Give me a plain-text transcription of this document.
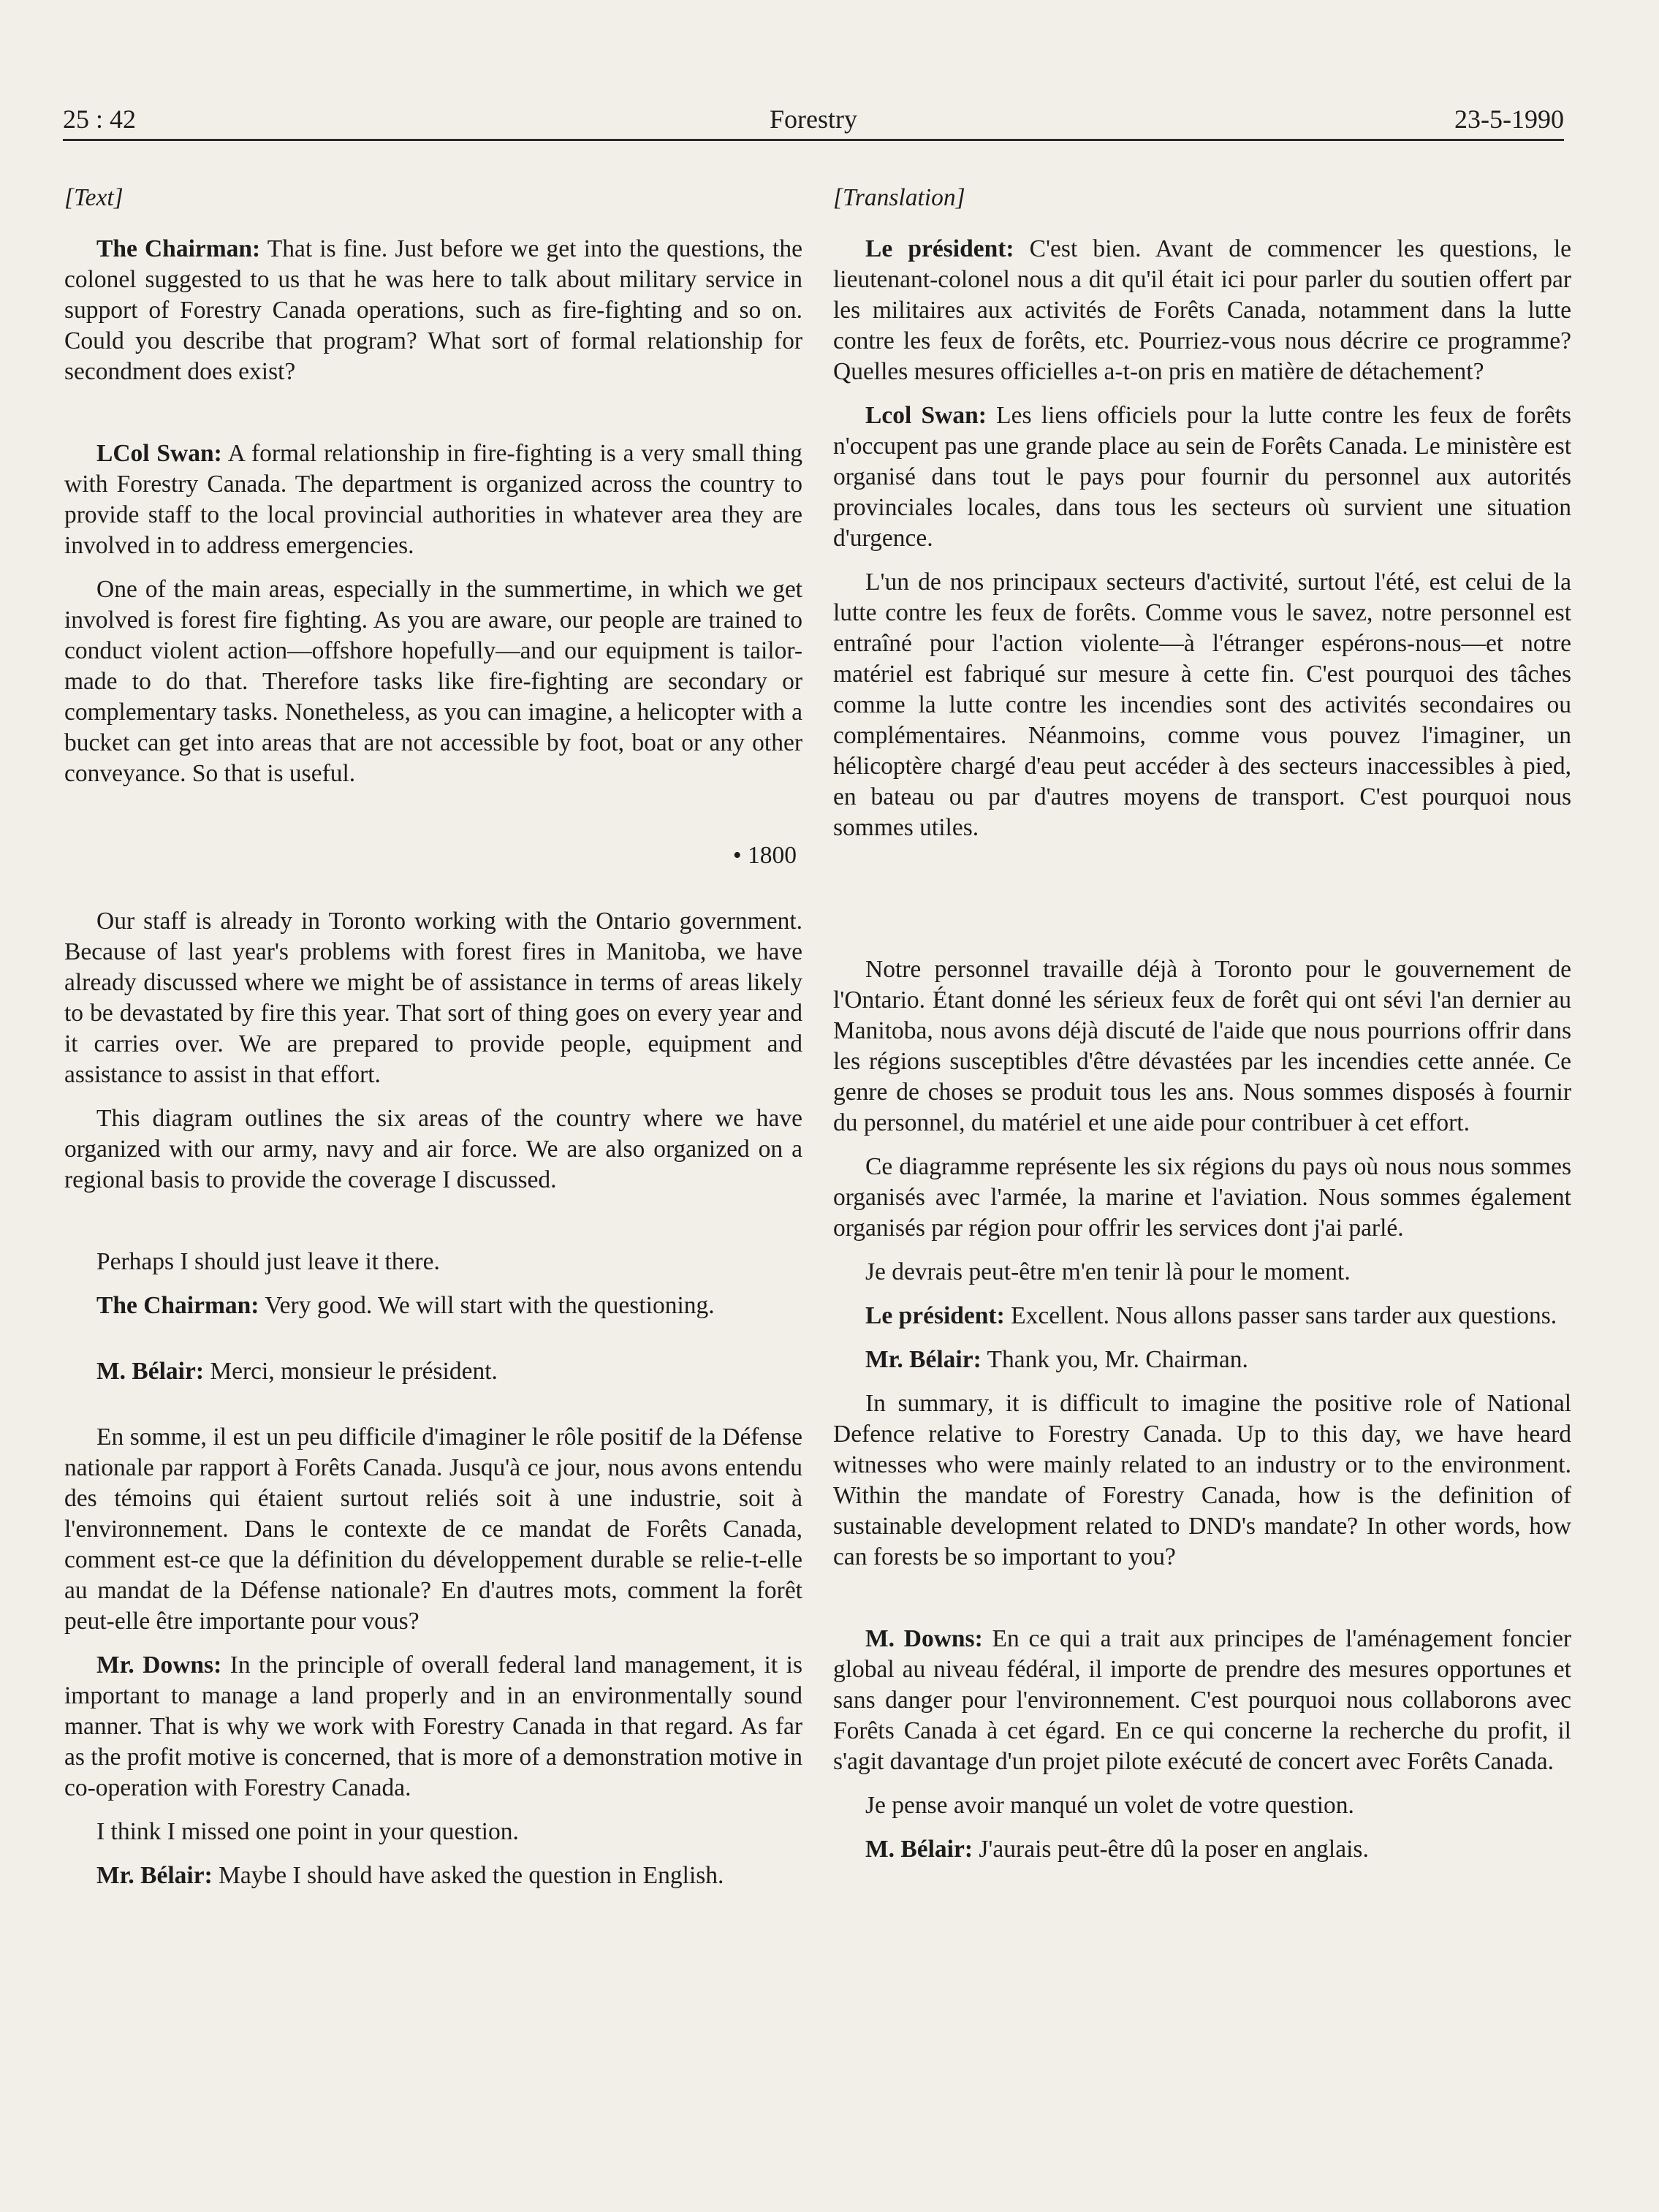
25 : 42	Forestry	23-5-1990

[Text]

The Chairman: That is fine. Just before we get into the questions, the colonel suggested to us that he was here to talk about military service in support of Forestry Canada operations, such as fire-fighting and so on. Could you describe that program? What sort of formal relationship for secondment does exist?

LCol Swan: A formal relationship in fire-fighting is a very small thing with Forestry Canada. The department is organized across the country to provide staff to the local provincial authorities in whatever area they are involved in to address emergencies.

One of the main areas, especially in the summertime, in which we get involved is forest fire fighting. As you are aware, our people are trained to conduct violent action—offshore hopefully—and our equipment is tailor-made to do that. Therefore tasks like fire-fighting are secondary or complementary tasks. Nonetheless, as you can imagine, a helicopter with a bucket can get into areas that are not accessible by foot, boat or any other conveyance. So that is useful.

• 1800

Our staff is already in Toronto working with the Ontario government. Because of last year's problems with forest fires in Manitoba, we have already discussed where we might be of assistance in terms of areas likely to be devastated by fire this year. That sort of thing goes on every year and it carries over. We are prepared to provide people, equipment and assistance to assist in that effort.

This diagram outlines the six areas of the country where we have organized with our army, navy and air force. We are also organized on a regional basis to provide the coverage I discussed.

Perhaps I should just leave it there.

The Chairman: Very good. We will start with the questioning.

M. Bélair: Merci, monsieur le président.

En somme, il est un peu difficile d'imaginer le rôle positif de la Défense nationale par rapport à Forêts Canada. Jusqu'à ce jour, nous avons entendu des témoins qui étaient surtout reliés soit à une industrie, soit à l'environnement. Dans le contexte de ce mandat de Forêts Canada, comment est-ce que la définition du développement durable se relie-t-elle au mandat de la Défense nationale? En d'autres mots, comment la forêt peut-elle être importante pour vous?

Mr. Downs: In the principle of overall federal land management, it is important to manage a land properly and in an environmentally sound manner. That is why we work with Forestry Canada in that regard. As far as the profit motive is concerned, that is more of a demonstration motive in co-operation with Forestry Canada.

I think I missed one point in your question.

Mr. Bélair: Maybe I should have asked the question in English.

[Translation]

Le président: C'est bien. Avant de commencer les questions, le lieutenant-colonel nous a dit qu'il était ici pour parler du soutien offert par les militaires aux activités de Forêts Canada, notamment dans la lutte contre les feux de forêts, etc. Pourriez-vous nous décrire ce programme? Quelles mesures officielles a-t-on pris en matière de détachement?

Lcol Swan: Les liens officiels pour la lutte contre les feux de forêts n'occupent pas une grande place au sein de Forêts Canada. Le ministère est organisé dans tout le pays pour fournir du personnel aux autorités provinciales locales, dans tous les secteurs où survient une situation d'urgence.

L'un de nos principaux secteurs d'activité, surtout l'été, est celui de la lutte contre les feux de forêts. Comme vous le savez, notre personnel est entraîné pour l'action violente—à l'étranger espérons-nous—et notre matériel est fabriqué sur mesure à cette fin. C'est pourquoi des tâches comme la lutte contre les incendies sont des activités secondaires ou complémentaires. Néanmoins, comme vous pouvez l'imaginer, un hélicoptère chargé d'eau peut accéder à des secteurs inaccessibles à pied, en bateau ou par d'autres moyens de transport. C'est pourquoi nous sommes utiles.

Notre personnel travaille déjà à Toronto pour le gouvernement de l'Ontario. Étant donné les sérieux feux de forêt qui ont sévi l'an dernier au Manitoba, nous avons déjà discuté de l'aide que nous pourrions offrir dans les régions susceptibles d'être dévastées par les incendies cette année. Ce genre de choses se produit tous les ans. Nous sommes disposés à fournir du personnel, du matériel et une aide pour contribuer à cet effort.

Ce diagramme représente les six régions du pays où nous nous sommes organisés avec l'armée, la marine et l'aviation. Nous sommes également organisés par région pour offrir les services dont j'ai parlé.

Je devrais peut-être m'en tenir là pour le moment.

Le président: Excellent. Nous allons passer sans tarder aux questions.

Mr. Bélair: Thank you, Mr. Chairman.

In summary, it is difficult to imagine the positive role of National Defence relative to Forestry Canada. Up to this day, we have heard witnesses who were mainly related to an industry or to the environment. Within the mandate of Forestry Canada, how is the definition of sustainable development related to DND's mandate? In other words, how can forests be so important to you?

M. Downs: En ce qui a trait aux principes de l'aménagement foncier global au niveau fédéral, il importe de prendre des mesures opportunes et sans danger pour l'environnement. C'est pourquoi nous collaborons avec Forêts Canada à cet égard. En ce qui concerne la recherche du profit, il s'agit davantage d'un projet pilote exécuté de concert avec Forêts Canada.

Je pense avoir manqué un volet de votre question.

M. Bélair: J'aurais peut-être dû la poser en anglais.
